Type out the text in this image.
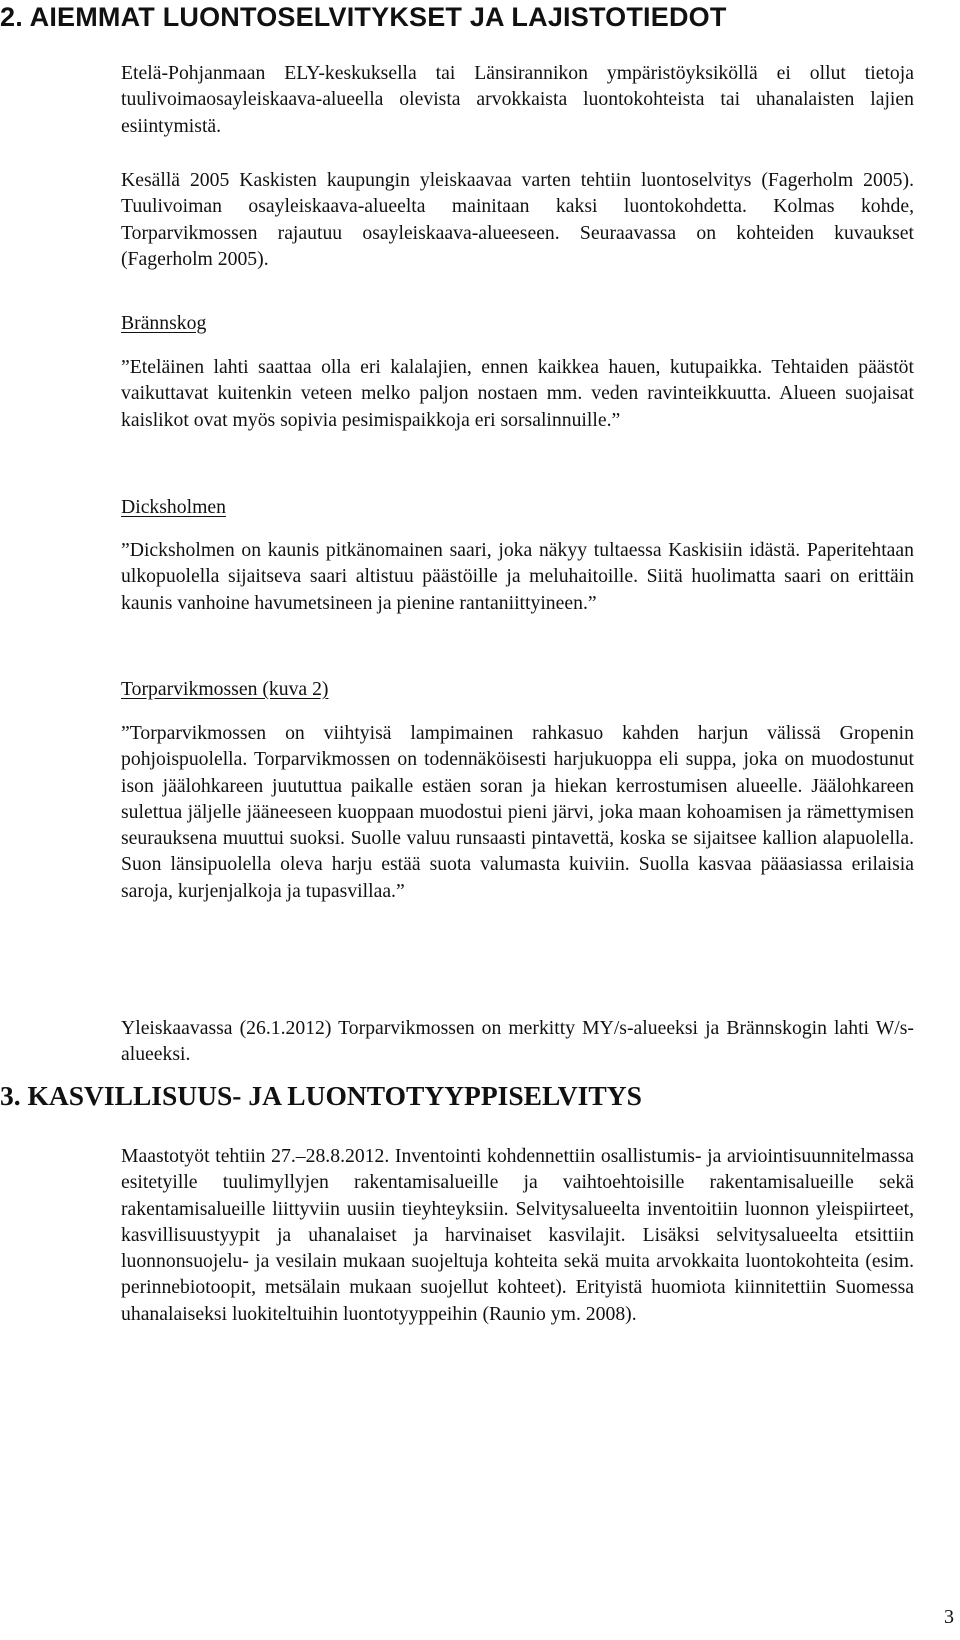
2. AIEMMAT LUONTOSELVITYKSET JA LAJISTOTIEDOT

Etelä-Pohjanmaan ELY-keskuksella tai Länsirannikon ympäristöyksiköllä ei ollut tietoja tuulivoimaosayleiskaava-alueella olevista arvokkaista luontokohteista tai uhanalaisten lajien esiintymistä.

Kesällä 2005 Kaskisten kaupungin yleiskaavaa varten tehtiin luontoselvitys (Fagerholm 2005). Tuulivoiman osayleiskaava-alueelta mainitaan kaksi luontokohdetta. Kolmas kohde, Torparvikmossen rajautuu osayleiskaava-alueeseen. Seuraavassa on kohteiden kuvaukset (Fagerholm 2005).

Brännskog

”Eteläinen lahti saattaa olla eri kalalajien, ennen kaikkea hauen, kutupaikka. Tehtaiden päästöt vaikuttavat kuitenkin veteen melko paljon nostaen mm. veden ravinteikkuutta. Alueen suojaisat kaislikot ovat myös sopivia pesimispaikkoja eri sorsalinnuille.”

Dicksholmen

”Dicksholmen on kaunis pitkänomainen saari, joka näkyy tultaessa Kaskisiin idästä. Paperitehtaan ulkopuolella sijaitseva saari altistuu päästöille ja meluhaitoille. Siitä huolimatta saari on erittäin kaunis vanhoine havumetsineen ja pienine rantaniittyineen.”

Torparvikmossen (kuva 2)

”Torparvikmossen on viihtyisä lampimainen rahkasuo kahden harjun välissä Gropenin pohjoispuolella. Torparvikmossen on todennäköisesti harjukuoppa eli suppa, joka on muodostunut ison jäälohkareen juututtua paikalle estäen soran ja hiekan kerrostumisen alueelle. Jäälohkareen sulettua jäljelle jääneeseen kuoppaan muodostui pieni järvi, joka maan kohoamisen ja rämettymisen seurauksena muuttui suoksi. Suolle valuu runsaasti pintavettä, koska se sijaitsee kallion alapuolella. Suon länsipuolella oleva harju estää suota valumasta kuiviin. Suolla kasvaa pääasiassa erilaisia saroja, kurjenjalkoja ja tupasvillaa.”

Yleiskaavassa (26.1.2012) Torparvikmossen on merkitty MY/s-alueeksi ja Brännskogin lahti W/s-alueeksi.

3. KASVILLISUUS- JA LUONTOTYYPPISELVITYS

Maastotyöt tehtiin 27.–28.8.2012. Inventointi kohdennettiin osallistumis- ja arviointisuunnitelmassa esitetyille tuulimyllyjen rakentamisalueille ja vaihtoehtoisille rakentamisalueille sekä rakentamisalueille liittyviin uusiin tieyhteyksiin. Selvitysalueelta inventoitiin luonnon yleispiirteet, kasvillisuustyypit ja uhanalaiset ja harvinaiset kasvilajit. Lisäksi selvitysalueelta etsittiin luonnonsuojelu- ja vesilain mukaan suojeltuja kohteita sekä muita arvokkaita luontokohteita (esim. perinnebiotoopit, metsälain mukaan suojellut kohteet). Erityistä huomiota kiinnitettiin Suomessa uhanalaiseksi luokiteltuihin luontotyyppeihin (Raunio ym. 2008).

3
